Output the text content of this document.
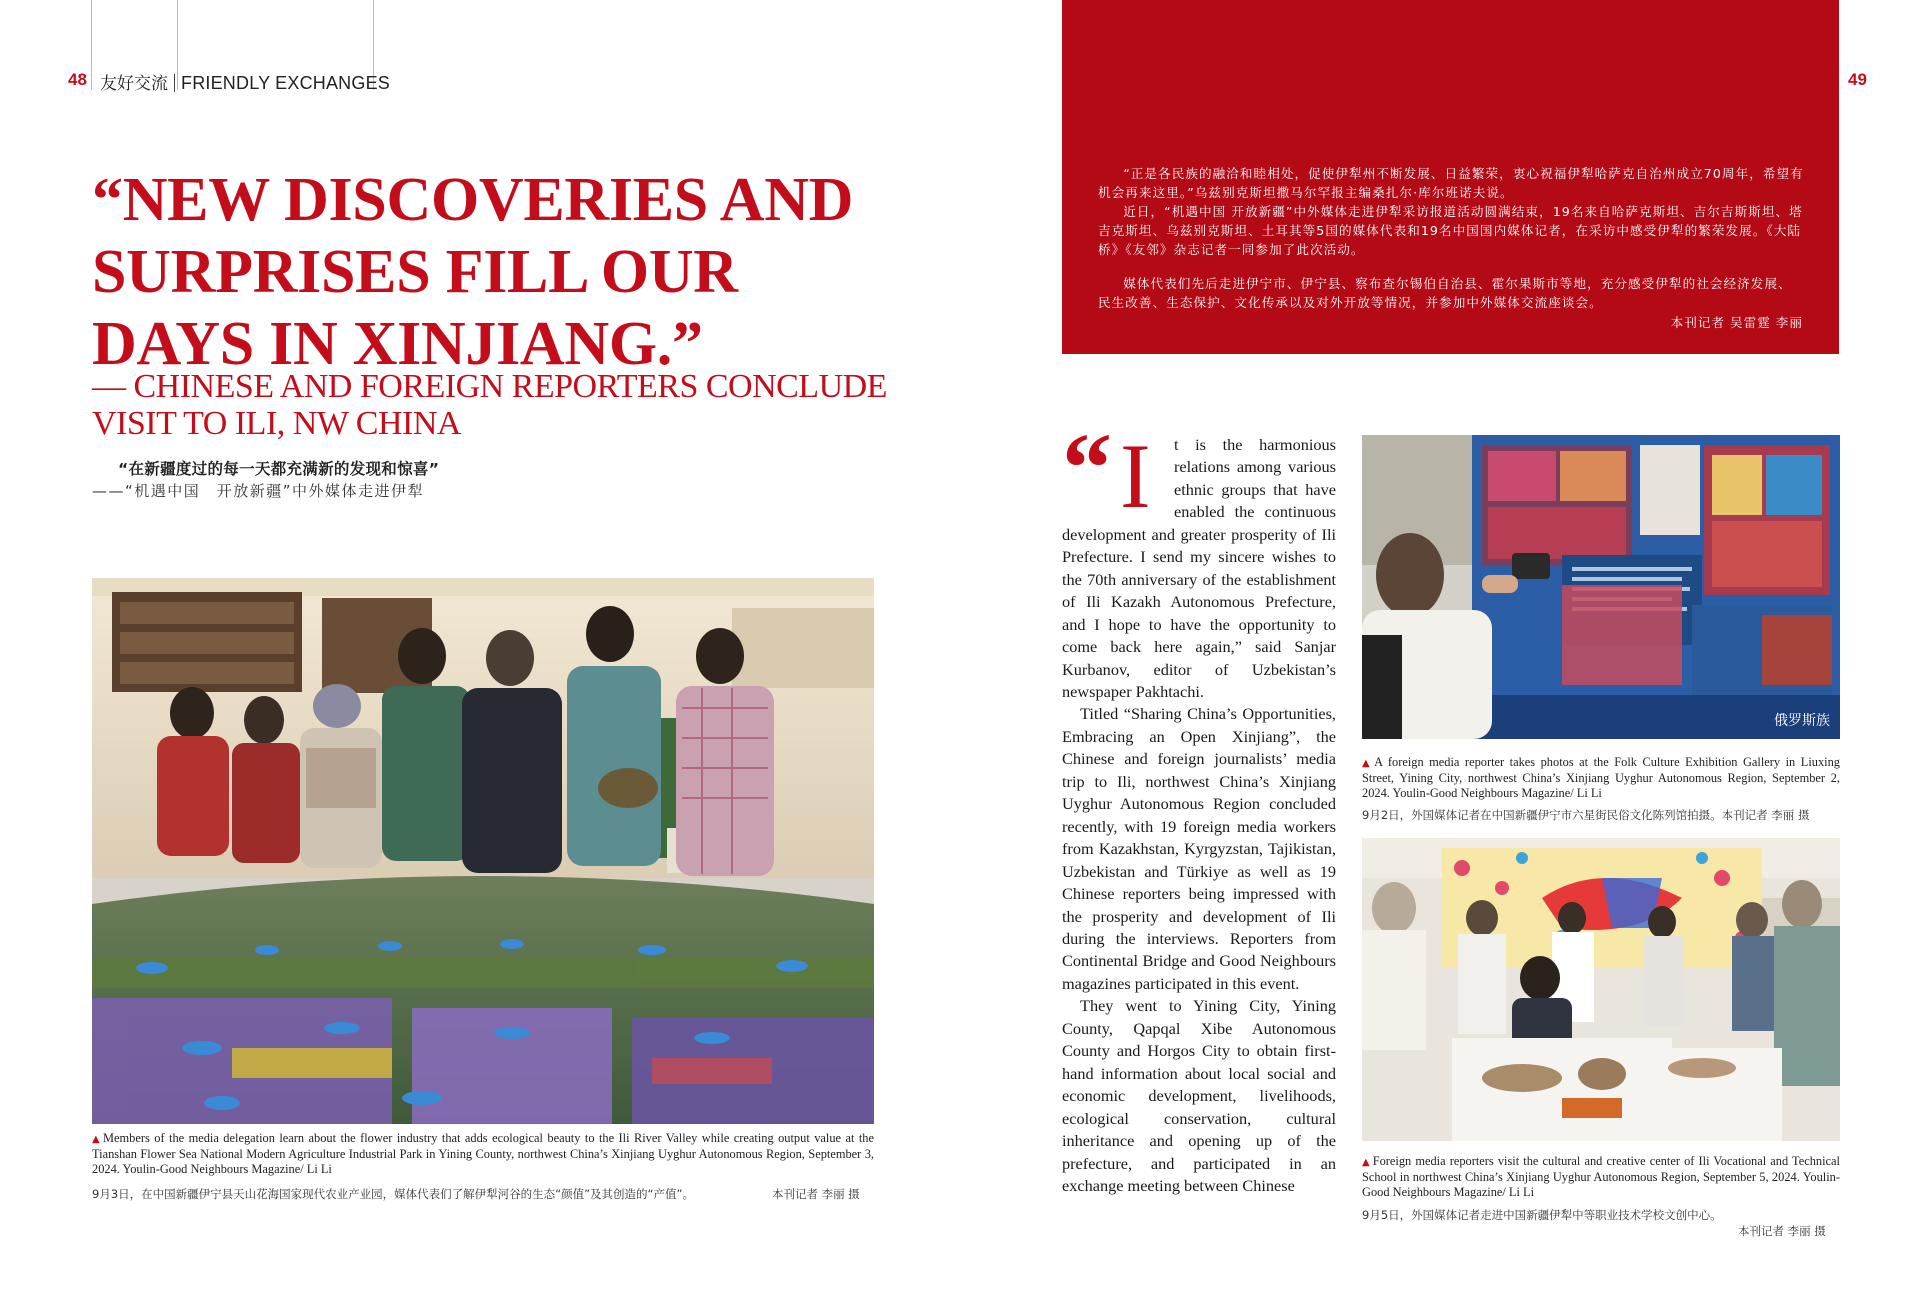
48 友好交流 FRIENDLY EXCHANGES	49
“NEW DISCOVERIES AND SURPRISES FILL OUR DAYS IN XINJIANG.”
— CHINESE AND FOREIGN REPORTERS CONCLUDE VISIT TO ILI, NW CHINA
“在新疆度过的每一天都充满新的发现和惊喜”
——“机遇中国　开放新疆”中外媒体走进伊犁
▲ Members of the media delegation learn about the flower industry that adds ecological beauty to the Ili River Valley while creating output value at the Tianshan Flower Sea National Modern Agriculture Industrial Park in Yining County, northwest China’s Xinjiang Uyghur Autonomous Region, September 3, 2024. Youlin-Good Neighbours Magazine/ Li Li
9月3日，在中国新疆伊宁县天山花海国家现代农业产业园，媒体代表们了解伊犁河谷的生态“颜值”及其创造的“产值”。	本刊记者 李丽 摄
“正是各民族的融洽和睦相处，促使伊犁州不断发展、日益繁荣，衷心祝福伊犁哈萨克自治州成立70周年，希望有机会再来这里。”乌兹别克斯坦撒马尔罕报主编桑扎尔·库尔班诺夫说。
近日，“机遇中国 开放新疆”中外媒体走进伊犁采访报道活动圆满结束，19名来自哈萨克斯坦、吉尔吉斯斯坦、塔吉克斯坦、乌兹别克斯坦、土耳其等5国的媒体代表和19名中国国内媒体记者，在采访中感受伊犁的繁荣发展。《大陆桥》《友邻》杂志记者一同参加了此次活动。
媒体代表们先后走进伊宁市、伊宁县、察布查尔锡伯自治县、霍尔果斯市等地，充分感受伊犁的社会经济发展、民生改善、生态保护、文化传承以及对外开放等情况，并参加中外媒体交流座谈会。
本刊记者 吴雷霆 李丽

“ I t is the harmonious relations among various ethnic groups that have enabled the continuous development and greater prosperity of Ili Prefecture. I send my sincere wishes to the 70th anniversary of the establishment of Ili Kazakh Autonomous Prefecture, and I hope to have the opportunity to come back here again,” said Sanjar Kurbanov, editor of Uzbekistan’s newspaper Pakhtachi.

Titled “Sharing China’s Opportunities, Embracing an Open Xinjiang”, the Chinese and foreign journalists’ media trip to Ili, northwest China’s Xinjiang Uyghur Autonomous Region concluded recently, with 19 foreign media workers from Kazakhstan, Kyrgyzstan, Tajikistan, Uzbekistan and Türkiye as well as 19 Chinese reporters being impressed with the prosperity and development of Ili during the interviews. Reporters from Continental Bridge and Good Neighbours magazines participated in this event.

They went to Yining City, Yining County, Qapqal Xibe Autonomous County and Horgos City to obtain first-hand information about local social and economic development, livelihoods, ecological conservation, cultural inheritance and opening up of the prefecture, and participated in an exchange meeting between Chinese

俄罗斯族
▲ A foreign media reporter takes photos at the Folk Culture Exhibition Gallery in Liuxing Street, Yining City, northwest China’s Xinjiang Uyghur Autonomous Region, September 2, 2024. Youlin-Good Neighbours Magazine/ Li Li
9月2日，外国媒体记者在中国新疆伊宁市六星街民俗文化陈列馆拍摄。本刊记者 李丽 摄
▲ Foreign media reporters visit the cultural and creative center of Ili Vocational and Technical School in northwest China’s Xinjiang Uyghur Autonomous Region, September 5, 2024. Youlin-Good Neighbours Magazine/ Li Li
9月5日，外国媒体记者走进中国新疆伊犁中等职业技术学校文创中心。
本刊记者 李丽 摄
